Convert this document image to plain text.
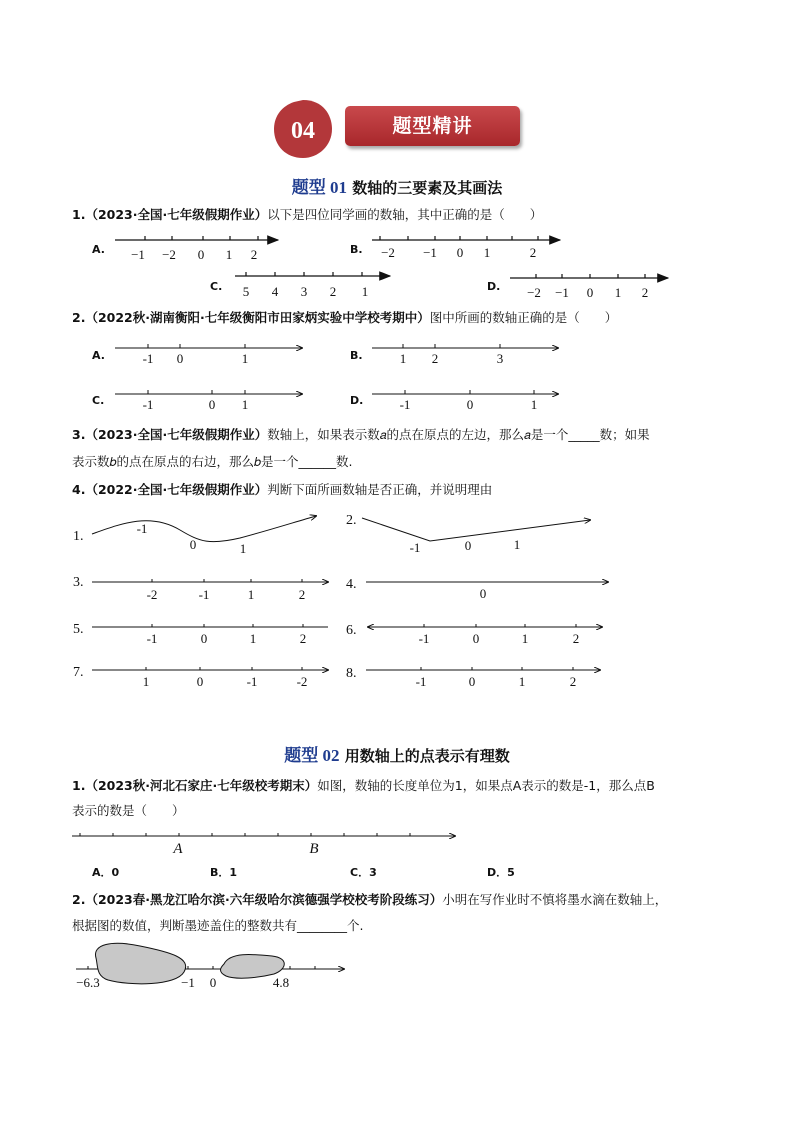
04	题型精讲
题型 01 数轴的三要素及其画法
1.（2023·全国·七年级假期作业）以下是四位同学画的数轴，其中正确的是（　　）
A.	B.
C.	D.
−1 −2 0 1 2	−2 −1 0 1	2
5 4 3 2 1	−2 −1 0 1 2
-1 0	1	1 2	3
-1	0 1	-1	0	1
1.
2.
3.	4.
5.	6.
7.	8.
-1
0	1	-1	0	1
-2	-1	1	2	0
-1	0	1	2	-1	0	1	2
1	0	-1	-2	-1	0	1	2
A	B
−6.3	−1 0	4.8
2.（2022秋·湖南衡阳·七年级衡阳市田家炳实验中学校考期中）图中所画的数轴正确的是（　　）
A.	B.
C.	D.
3.（2023·全国·七年级假期作业）数轴上，如果表示数𝑎的点在原点的左边，那么𝑎是一个_____数；如果
表示数𝑏的点在原点的右边，那么𝑏是一个______数.
4.（2022·全国·七年级假期作业）判断下面所画数轴是否正确，并说明理由
题型 02 用数轴上的点表示有理数
1.（2023秋·河北石家庄·七年级校考期末）如图，数轴的长度单位为1，如果点A表示的数是-1，那么点B
表示的数是（　　）
A．0	B．1	C．3	D．5
2.（2023春·黑龙江哈尔滨·六年级哈尔滨德强学校校考阶段练习）小明在写作业时不慎将墨水滴在数轴上，
根据图的数值，判断墨迹盖住的整数共有________个.
